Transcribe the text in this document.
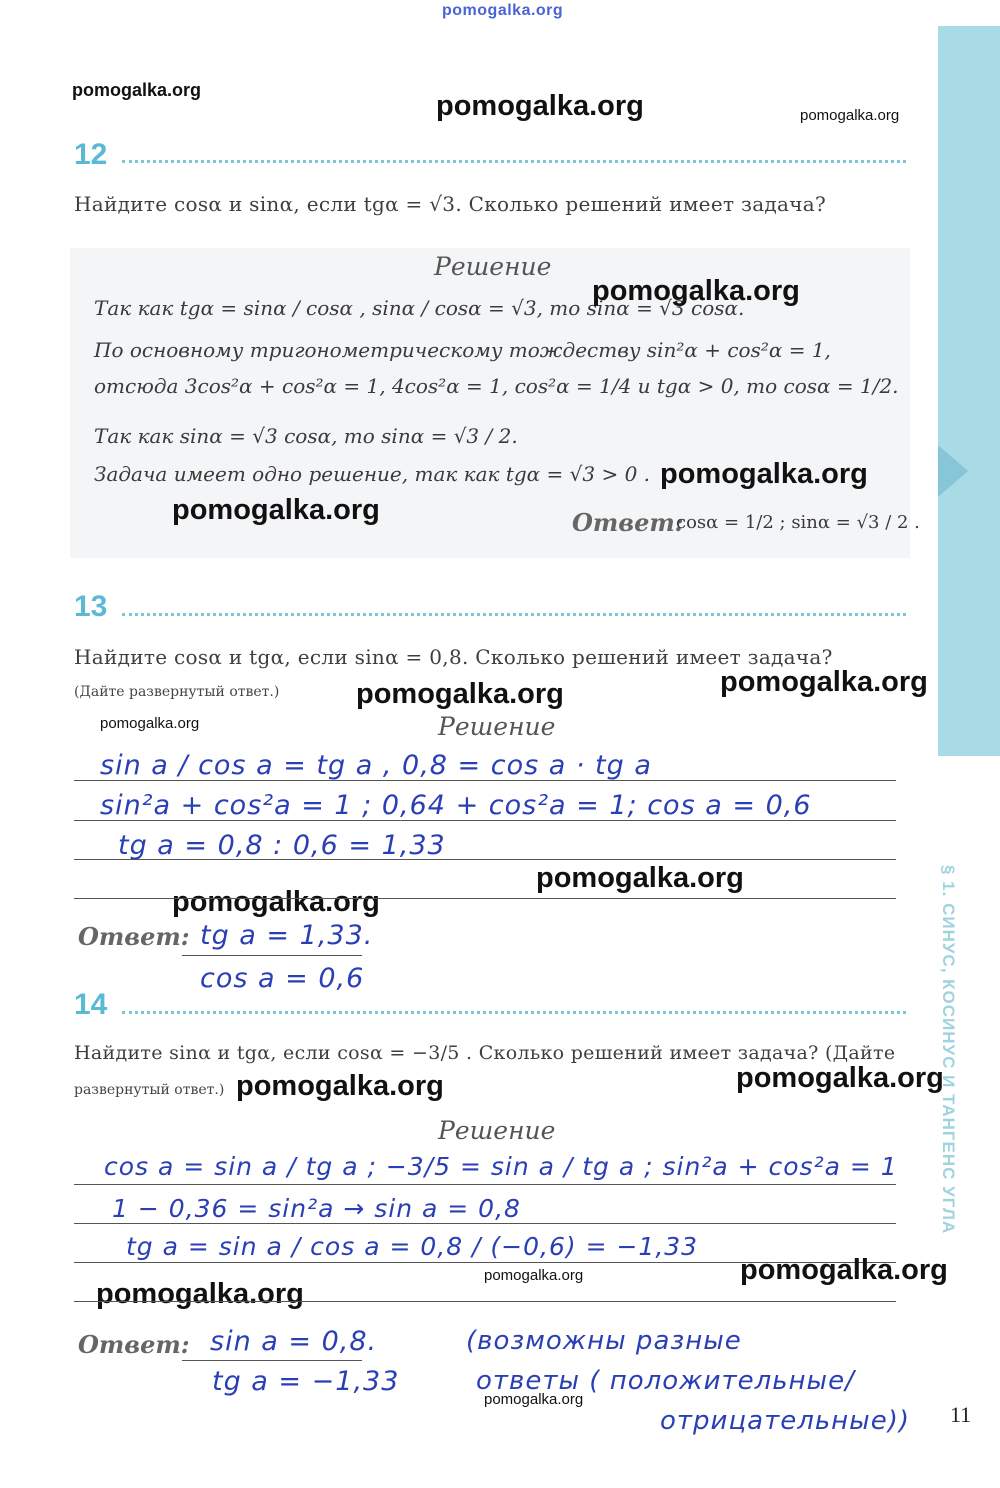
§ 1. СИНУС, КОСИНУС И ТАНГЕНС УГЛА
pomogalka.org
pomogalka.org	pomogalka.org	pomogalka.org
pomogalka.org
pomogalka.org
pomogalka.org
pomogalka.org	pomogalka.org
pomogalka.org
pomogalka.org
pomogalka.org
pomogalka.org	pomogalka.org
pomogalka.org	pomogalka.org
pomogalka.org
pomogalka.org
12
Найдите cosα и sinα, если tgα = √3. Сколько решений имеет задача?
Решение
Так как tgα = sinα / cosα , sinα / cosα = √3, то sinα = √3 cosα.
По основному тригонометрическому тождеству sin²α + cos²α = 1,
отсюда 3cos²α + cos²α = 1, 4cos²α = 1, cos²α = 1/4 и tgα > 0, то cosα = 1/2.
Так как sinα = √3 cosα, то sinα = √3 / 2.
Задача имеет одно решение, так как tgα = √3 > 0 .
Ответ:
cosα = 1/2 ; sinα = √3 / 2 .
13
Найдите cosα и tgα, если sinα = 0,8. Сколько решений имеет задача?
(Дайте развернутый ответ.)
Решение
sin a / cos a = tg a , 0,8 = cos a · tg a
sin²a + cos²a = 1 ; 0,64 + cos²a = 1; cos a = 0,6
tg a = 0,8 : 0,6 = 1,33
Ответ: tg a = 1,33.
cos a = 0,6
14
Найдите sinα и tgα, если cosα = −3/5 . Сколько решений имеет задача? (Дайте
развернутый ответ.)
Решение
cos a = sin a / tg a ; −3/5 = sin a / tg a ; sin²a + cos²a = 1
1 − 0,36 = sin²a → sin a = 0,8
tg a = sin a / cos a = 0,8 / (−0,6) = −1,33
Ответ: sin a = 0,8.
tg a = −1,33
(возможны разные
ответы ( положительные/
отрицательные)) 11
